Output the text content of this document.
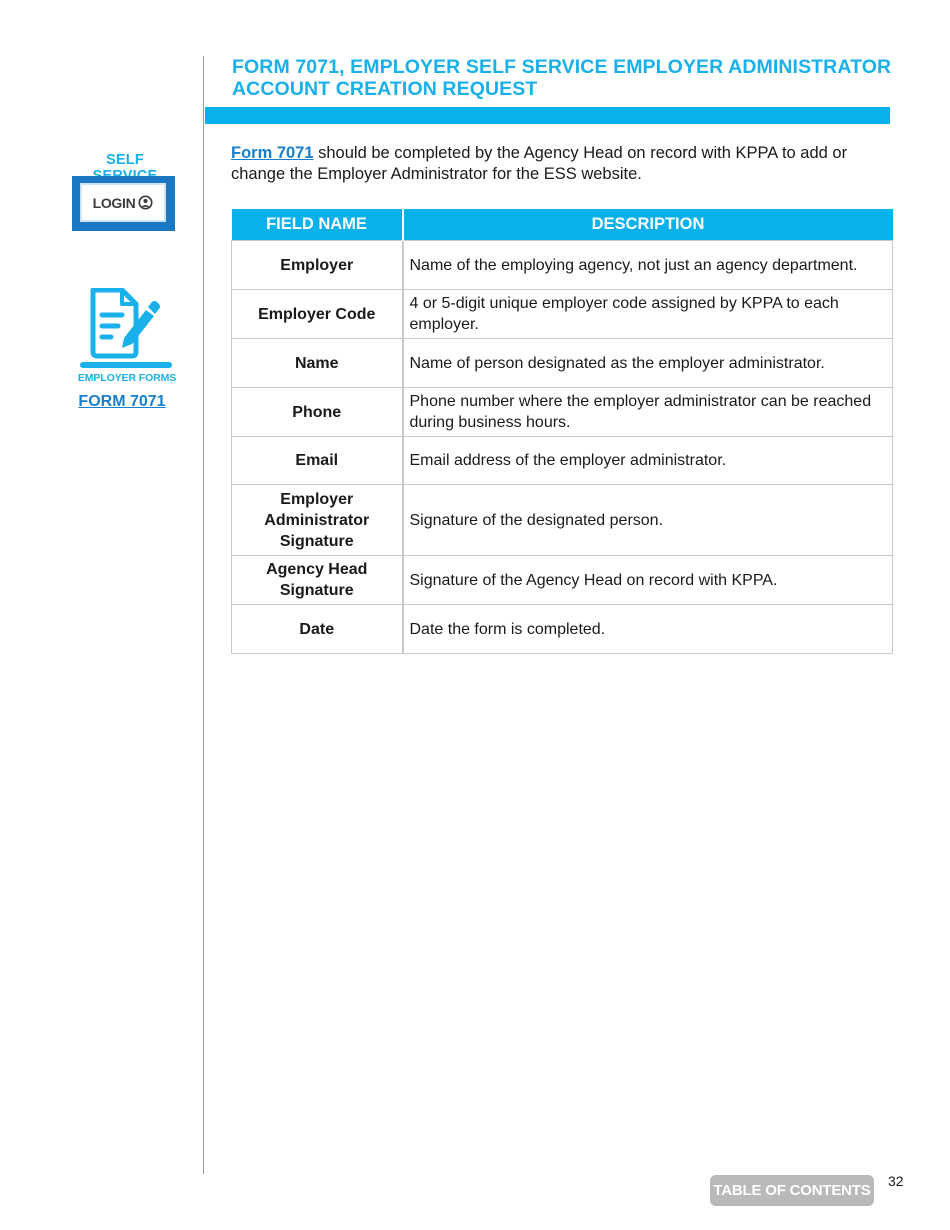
FORM 7071, EMPLOYER SELF SERVICE EMPLOYER ADMINISTRATOR
ACCOUNT CREATION REQUEST

Form 7071 should be completed by the Agency Head on record with KPPA to add or change the Employer Administrator for the ESS website.

FIELD NAME	DESCRIPTION
Employer	Name of the employing agency, not just an agency department.
Employer Code	4 or 5-digit unique employer code assigned by KPPA to each employer.
Name	Name of person designated as the employer administrator.
Phone	Phone number where the employer administrator can be reached during business hours.
Email	Email address of the employer administrator.
Employer Administrator Signature	Signature of the designated person.
Agency Head Signature	Signature of the Agency Head on record with KPPA.
Date	Date the form is completed.
SELF
LOGIN
EMPLOYER FORMS
FORM 7071
TABLE OF CONTENTS
32
